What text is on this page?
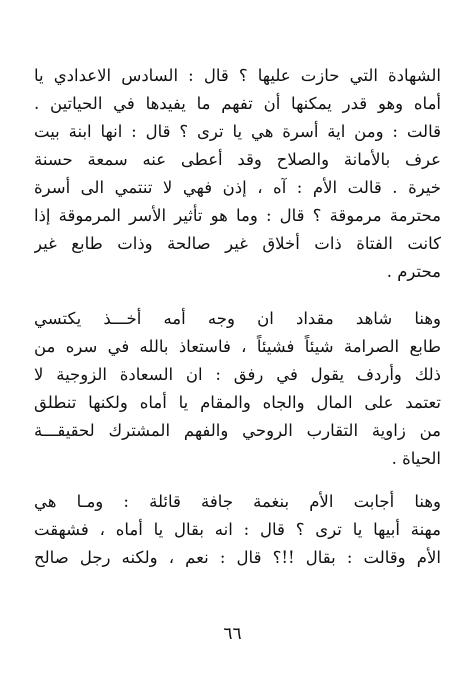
الشهادة التي حازت عليها ؟ قال : السادس الاعدادي يا
أماه وهو قدر يمكنها أن تفهم ما يفيدها في الحياتين .
قالت : ومن اية أسرة هي يا ترى ؟ قال : انها ابنة بيت
عرف بالأمانة والصلاح وقد أعطى عنه سمعة حسنة
خيرة . قالت الأم : آه ، إذن فهي لا تنتمي الى أسرة
محترمة مرموقة ؟ قال : وما هو تأثير الأسر المرموقة إذا
كانت الفتاة ذات أخلاق غير صالحة وذات طابع غير
محترم .
وهنا شاهد مقداد ان وجه أمه أخـــذ يكتسي
طابع الصرامة شيئاً فشيئاً ، فاستعاذ بالله في سره من
ذلك وأردف يقول في رفق : ان السعادة الزوجية لا
تعتمد على المال والجاه والمقام يا أماه ولكنها تنطلق
من زاوية التقارب الروحي والفهم المشترك لحقيقـــة
الحياة .
وهنا أجابت الأم بنغمة جافة قائلة : ومـا هي
مهنة أبيها يا ترى ؟ قال : انه بقال يا أماه ، فشهقت
الأم وقالت : بقال !!؟ قال : نعم ، ولكنه رجل صالح
٦٦
